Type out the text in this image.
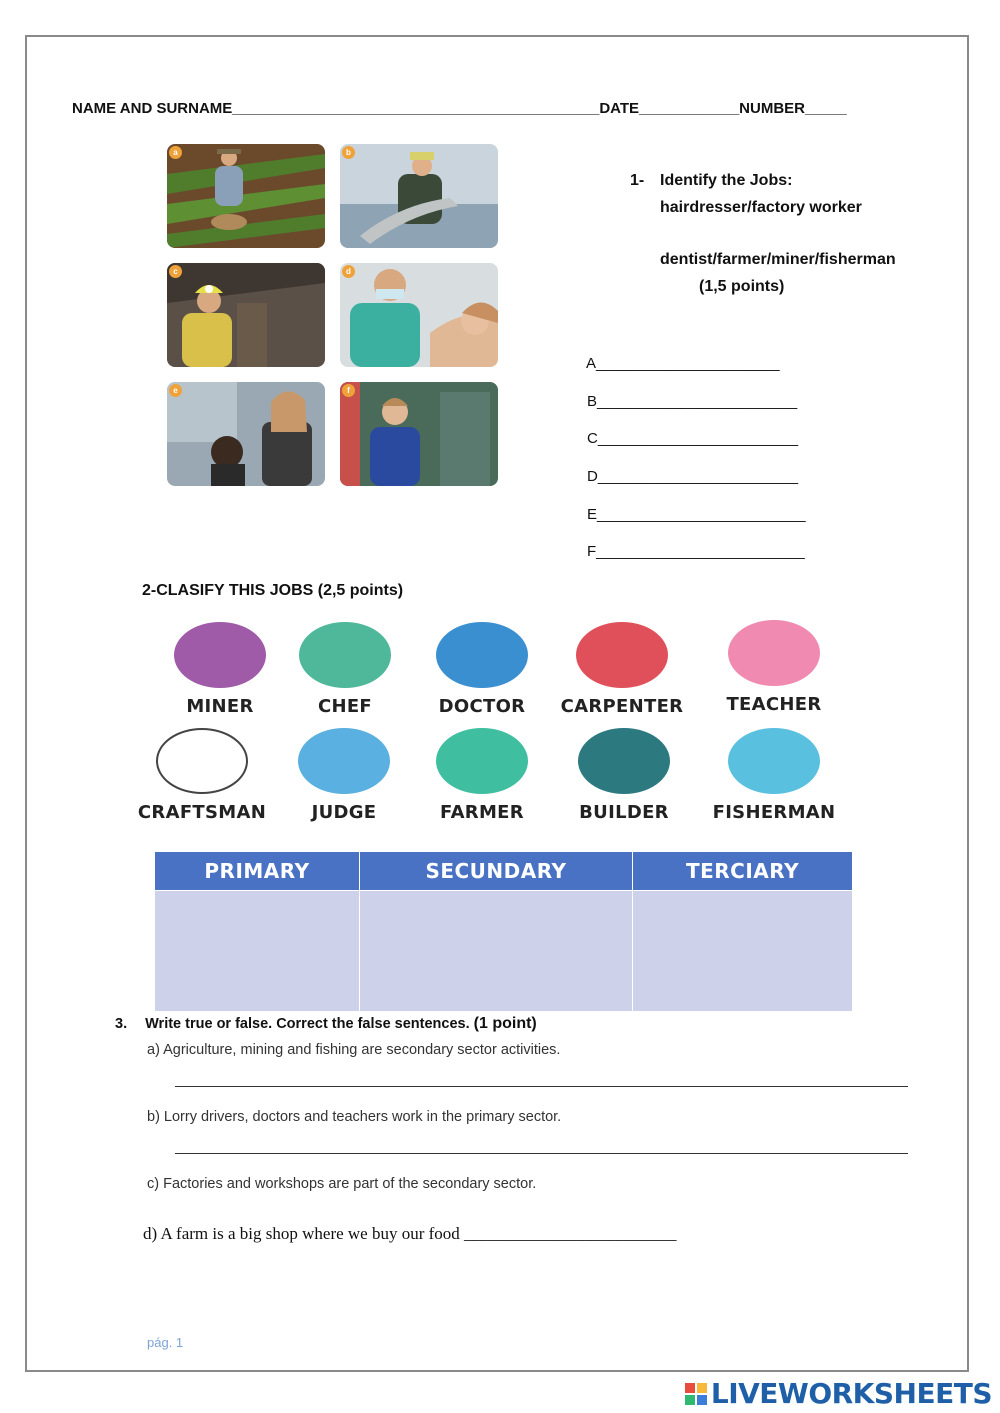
NAME AND SURNAME____________________________________________DATE____________NUMBER_____
a	b
c	d
e	f
1- Identify the Jobs:
hairdresser/factory worker
dentist/farmer/miner/fisherman
(1,5 points)
A______________________
B________________________
C________________________
D________________________
E_________________________
F_________________________
2-CLASIFY THIS JOBS (2,5 points)
MINER	CHEF	DOCTOR	CARPENTER	TEACHER
CRAFTSMAN	JUDGE	FARMER	BUILDER	FISHERMAN
PRIMARY	SECUNDARY	TERCIARY

3. Write true or false. Correct the false sentences. (1 point)
a) Agriculture, mining and fishing are secondary sector activities.
b) Lorry drivers, doctors and teachers work in the primary sector.
c) Factories and workshops are part of the secondary sector.
d) A farm is a big shop where we buy our food _________________________
pág. 1
LIVEWORKSHEETS
